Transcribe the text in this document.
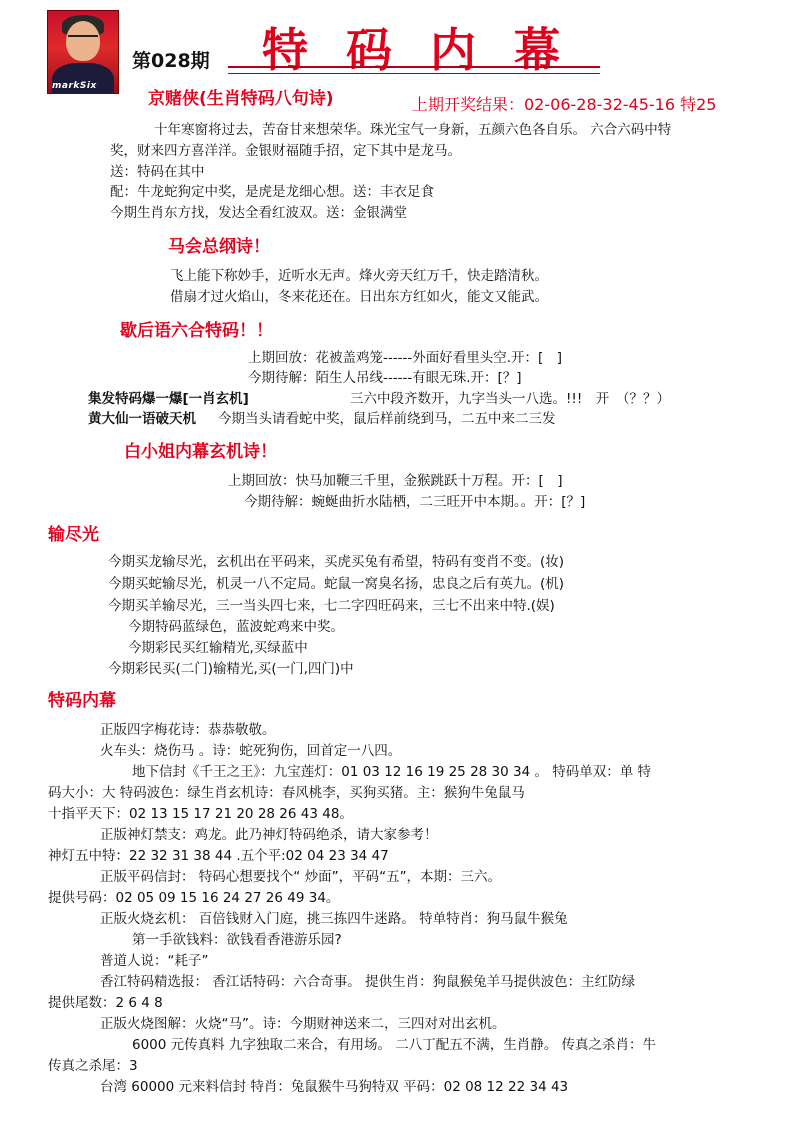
markSix
第028期 特码内幕
京赌侠(生肖特码八句诗)	上期开奖结果：02-06-28-32-45-16 特25
十年寒窗将过去，苦奋甘来想荣华。珠光宝气一身新，五颜六色各自乐。 六合六码中特
奖，财来四方喜洋洋。金银财福随手招，定下其中是龙马。
送：特码在其中
配：牛龙蛇狗定中奖，是虎是龙细心想。送：丰衣足食
今期生肖东方找，发达全看红波双。送：金银满堂
马会总纲诗！
飞上能下称妙手，近听水无声。烽火旁天红万千，快走踏清秋。
借扇才过火焰山，冬来花还在。日出东方红如火，能文又能武。
歇后语六合特码！！
上期回放：花被盖鸡笼------外面好看里头空.开：[　]
今期待解：陌生人吊线------有眼无珠.开：[？]
集发特码爆一爆[一肖玄机]	三六中段齐数开，九字当头一八选。!!!　开　（？？）
黄大仙一语破天机 今期当头请看蛇中奖，鼠后样前绕到马，二五中来二三发
白小姐内幕玄机诗！
上期回放：快马加鞭三千里，金猴跳跃十万程。开：[　]
今期待解：蜿蜒曲折水陆栖，二三旺开中本期。。开：[？]
输尽光
今期买龙输尽光，玄机出在平码来，买虎买兔有希望，特码有变肖不变。(妆)
今期买蛇输尽光，机灵一八不定局。蛇鼠一窝臭名扬，忠良之后有英九。(机)
今期买羊输尽光，三一当头四七来，七二字四旺码来，三七不出来中特.(娱)
今期特码蓝绿色，蓝波蛇鸡来中奖。
今期彩民买红输精光,买绿蓝中
今期彩民买(二门)输精光,买(一门,四门)中
特码内幕
正版四字梅花诗：恭恭敬敬。
火车头：烧伤马 。诗：蛇死狗伤，回首定一八四。
地下信封《千王之王》：九宝莲灯：01 03 12 16 19 25 28 30 34 。 特码单双：单 特
码大小：大 特码波色：绿生肖玄机诗：春风桃李，买狗买猪。主：猴狗牛兔鼠马
十指平天下：02 13 15 17 21 20 28 26 43 48。
正版神灯禁支：鸡龙。此乃神灯特码绝杀，请大家参考！
神灯五中特：22 32 31 38 44 .五个平:02 04 23 34 47
正版平码信封： 特码心想要找个“ 炒面”，平码“五”，本期：三六。
提供号码：02 05 09 15 16 24 27 26 49 34。
正版火烧玄机： 百倍钱财入门庭，挑三拣四牛迷路。 特单特肖：狗马鼠牛猴兔
第一手欲钱料：欲钱看香港游乐园?
普道人说：“耗子”
香江特码精选报： 香江话特码：六合奇事。 提供生肖：狗鼠猴兔羊马提供波色：主红防绿
提供尾数：2 6 4 8
正版火烧图解：火烧“马”。诗：今期财神送来二，三四对对出玄机。
6000 元传真料 九字独取二来合，有用场。 二八丁配五不满，生肖静。 传真之杀肖：牛
传真之杀尾：3
台湾 60000 元来料信封 特肖：兔鼠猴牛马狗特双 平码：02 08 12 22 34 43
